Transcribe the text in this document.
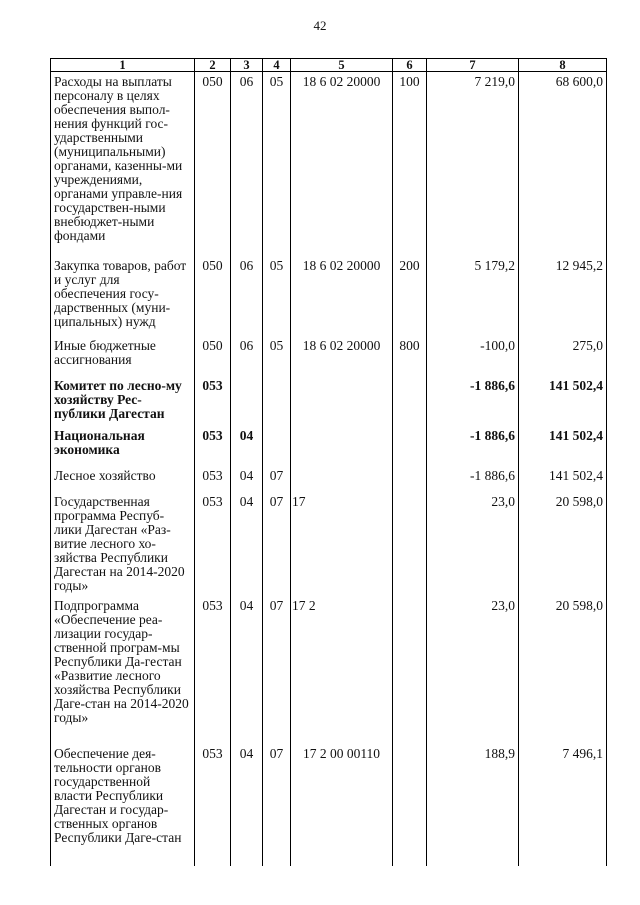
42
1	2	3	4	5	6	7	8
Расходы на выплаты персоналу в целях обеспечения выпол-нения функций гос-ударственными (муниципальными) органами, казенны-ми учреждениями, органами управле-ния государствен-ными внебюджет-ными фондами	050	06	05	18 6 02 20000	100	7 219,0	68 600,0
Закупка товаров, работ и услуг для обеспечения госу-дарственных (муни-ципальных) нужд	050	06	05	18 6 02 20000	200	5 179,2	12 945,2
Иные бюджетные ассигнования	050	06	05	18 6 02 20000	800	-100,0	275,0
Комитет по лесно-му хозяйству Рес-публики Дагестан	053					-1 886,6	141 502,4
Национальная экономика	053	04				-1 886,6	141 502,4
Лесное хозяйство	053	04	07			-1 886,6	141 502,4
Государственная программа Респуб-лики Дагестан «Раз-витие лесного хо-зяйства Республики Дагестан на 2014-2020 годы»	053	04	07	17		23,0	20 598,0
Подпрограмма «Обеспечение реа-лизации государ-ственной програм-мы Республики Да-гестан «Развитие лесного хозяйства Республики Даге-стан на 2014-2020 годы»	053	04	07	17 2		23,0	20 598,0
Обеспечение дея-тельности органов государственной власти Республики Дагестан и государ-ственных органов Республики Даге-стан	053	04	07	17 2 00 00110		188,9	7 496,1
